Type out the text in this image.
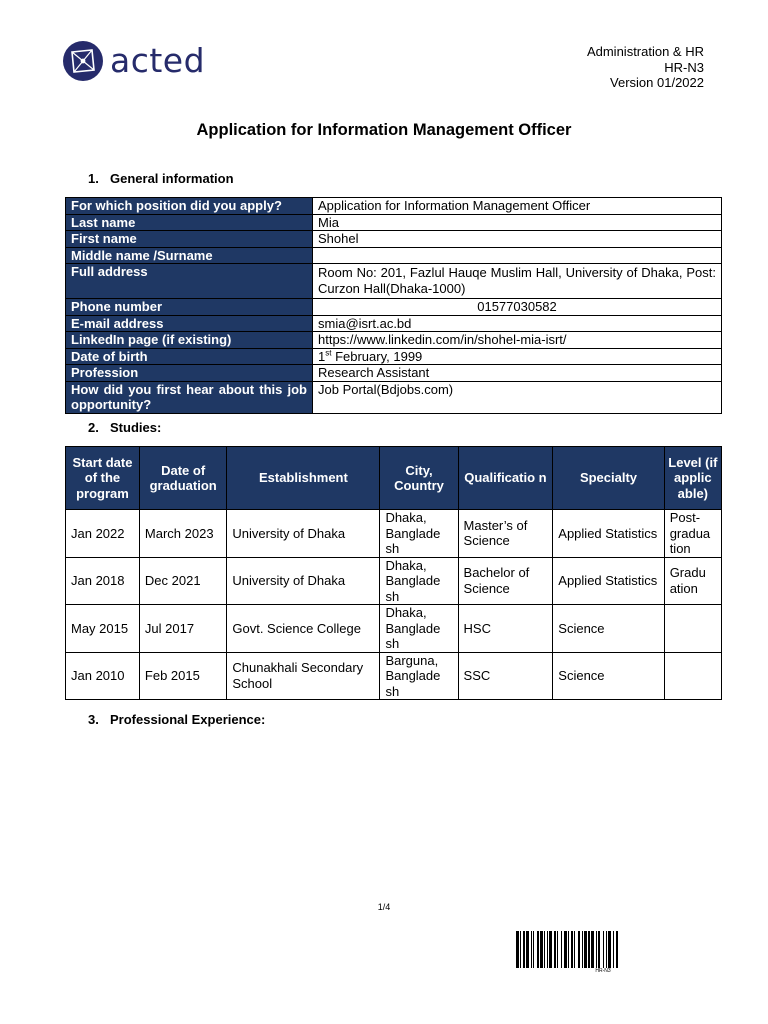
acted	Administration & HR
HR-N3
Version 01/2022
Application for Information Management Officer
1. General information
For which position did you apply?	Application for Information Management Officer
Last name	Mia
First name	Shohel
Middle name /Surname	
Full address	Room No: 201, Fazlul Hauqe Muslim Hall, University of Dhaka, Post: Curzon Hall(Dhaka-1000)
Phone number	01577030582
E-mail address	smia@isrt.ac.bd
LinkedIn page (if existing)	https://www.linkedin.com/in/shohel-mia-isrt/
Date of birth	1st February, 1999
Profession	Research Assistant
How did you first hear about this job opportunity?	Job Portal(Bdjobs.com)
2. Studies:
Start date of the program	Date of graduation	Establishment	City, Country	Qualificatio n	Specialty	Level (if applic able)
Jan 2022	March 2023	University of Dhaka	Dhaka, Banglade sh	Master’s of Science	Applied Statistics	Post-gradua tion
Jan 2018	Dec 2021	University of Dhaka	Dhaka, Banglade sh	Bachelor of Science	Applied Statistics	Gradu ation
May 2015	Jul 2017	Govt. Science College	Dhaka, Banglade sh	HSC	Science	
Jan 2010	Feb 2015	Chunakhali Secondary School	Barguna, Banglade sh	SSC	Science	
3. Professional Experience:
1/4
HR-N3
